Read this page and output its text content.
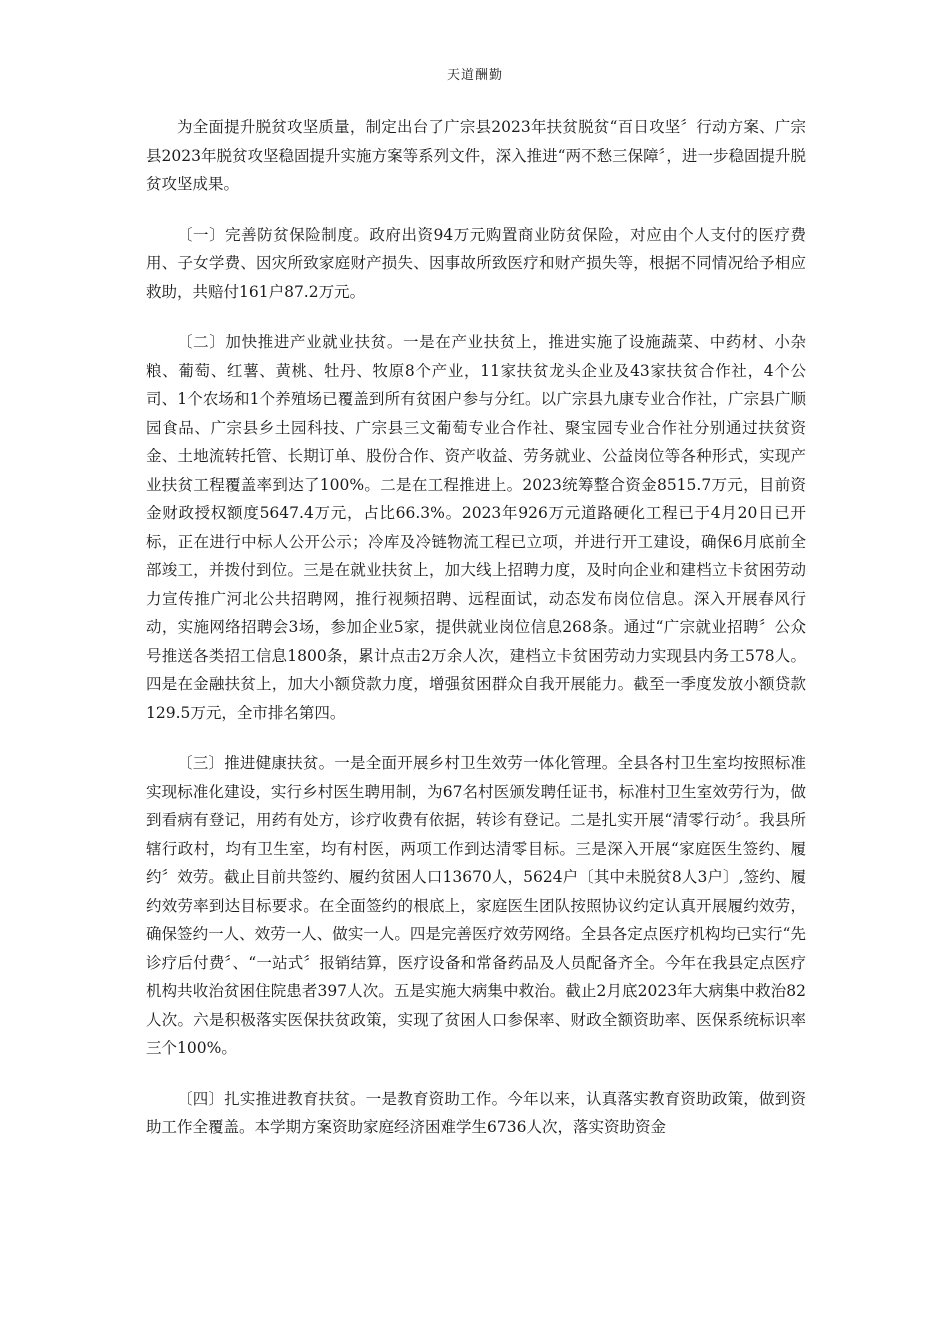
天道酬勤

为全面提升脱贫攻坚质量，制定出台了广宗县2023年扶贫脱贫“百日攻坚〞行动方案、广宗县2023年脱贫攻坚稳固提升实施方案等系列文件，深入推进“两不愁三保障〞，进一步稳固提升脱贫攻坚成果。

〔一〕完善防贫保险制度。政府出资94万元购置商业防贫保险，对应由个人支付的医疗费用、子女学费、因灾所致家庭财产损失、因事故所致医疗和财产损失等，根据不同情况给予相应救助，共赔付161户87.2万元。

〔二〕加快推进产业就业扶贫。一是在产业扶贫上，推进实施了设施蔬菜、中药材、小杂粮、葡萄、红薯、黄桃、牡丹、牧原8个产业，11家扶贫龙头企业及43家扶贫合作社，4个公司、1个农场和1个养殖场已覆盖到所有贫困户参与分红。以广宗县九康专业合作社，广宗县广顺园食品、广宗县乡土园科技、广宗县三文葡萄专业合作社、聚宝园专业合作社分别通过扶贫资金、土地流转托管、长期订单、股份合作、资产收益、劳务就业、公益岗位等各种形式，实现产业扶贫工程覆盖率到达了100%。二是在工程推进上。2023统筹整合资金8515.7万元，目前资金财政授权额度5647.4万元，占比66.3%。2023年926万元道路硬化工程已于4月20日已开标，正在进行中标人公开公示；冷库及冷链物流工程已立项，并进行开工建设，确保6月底前全部竣工，并拨付到位。三是在就业扶贫上，加大线上招聘力度，及时向企业和建档立卡贫困劳动力宣传推广河北公共招聘网，推行视频招聘、远程面试，动态发布岗位信息。深入开展春风行动，实施网络招聘会3场，参加企业5家，提供就业岗位信息268条。通过“广宗就业招聘〞公众号推送各类招工信息1800条，累计点击2万余人次，建档立卡贫困劳动力实现县内务工578人。四是在金融扶贫上，加大小额贷款力度，增强贫困群众自我开展能力。截至一季度发放小额贷款129.5万元，全市排名第四。

〔三〕推进健康扶贫。一是全面开展乡村卫生效劳一体化管理。全县各村卫生室均按照标准实现标准化建设，实行乡村医生聘用制，为67名村医颁发聘任证书，标准村卫生室效劳行为，做到看病有登记，用药有处方，诊疗收费有依据，转诊有登记。二是扎实开展“清零行动〞。我县所辖行政村，均有卫生室，均有村医，两项工作到达清零目标。三是深入开展“家庭医生签约、履约〞效劳。截止目前共签约、履约贫困人口13670人，5624户〔其中未脱贫8人3户〕,签约、履约效劳率到达目标要求。在全面签约的根底上，家庭医生团队按照协议约定认真开展履约效劳，确保签约一人、效劳一人、做实一人。四是完善医疗效劳网络。全县各定点医疗机构均已实行“先诊疗后付费〞、“一站式〞报销结算，医疗设备和常备药品及人员配备齐全。今年在我县定点医疗机构共收治贫困住院患者397人次。五是实施大病集中救治。截止2月底2023年大病集中救治82人次。六是积极落实医保扶贫政策，实现了贫困人口参保率、财政全额资助率、医保系统标识率三个100%。

〔四〕扎实推进教育扶贫。一是教育资助工作。今年以来，认真落实教育资助政策，做到资助工作全覆盖。本学期方案资助家庭经济困难学生6736人次，落实资助资金
